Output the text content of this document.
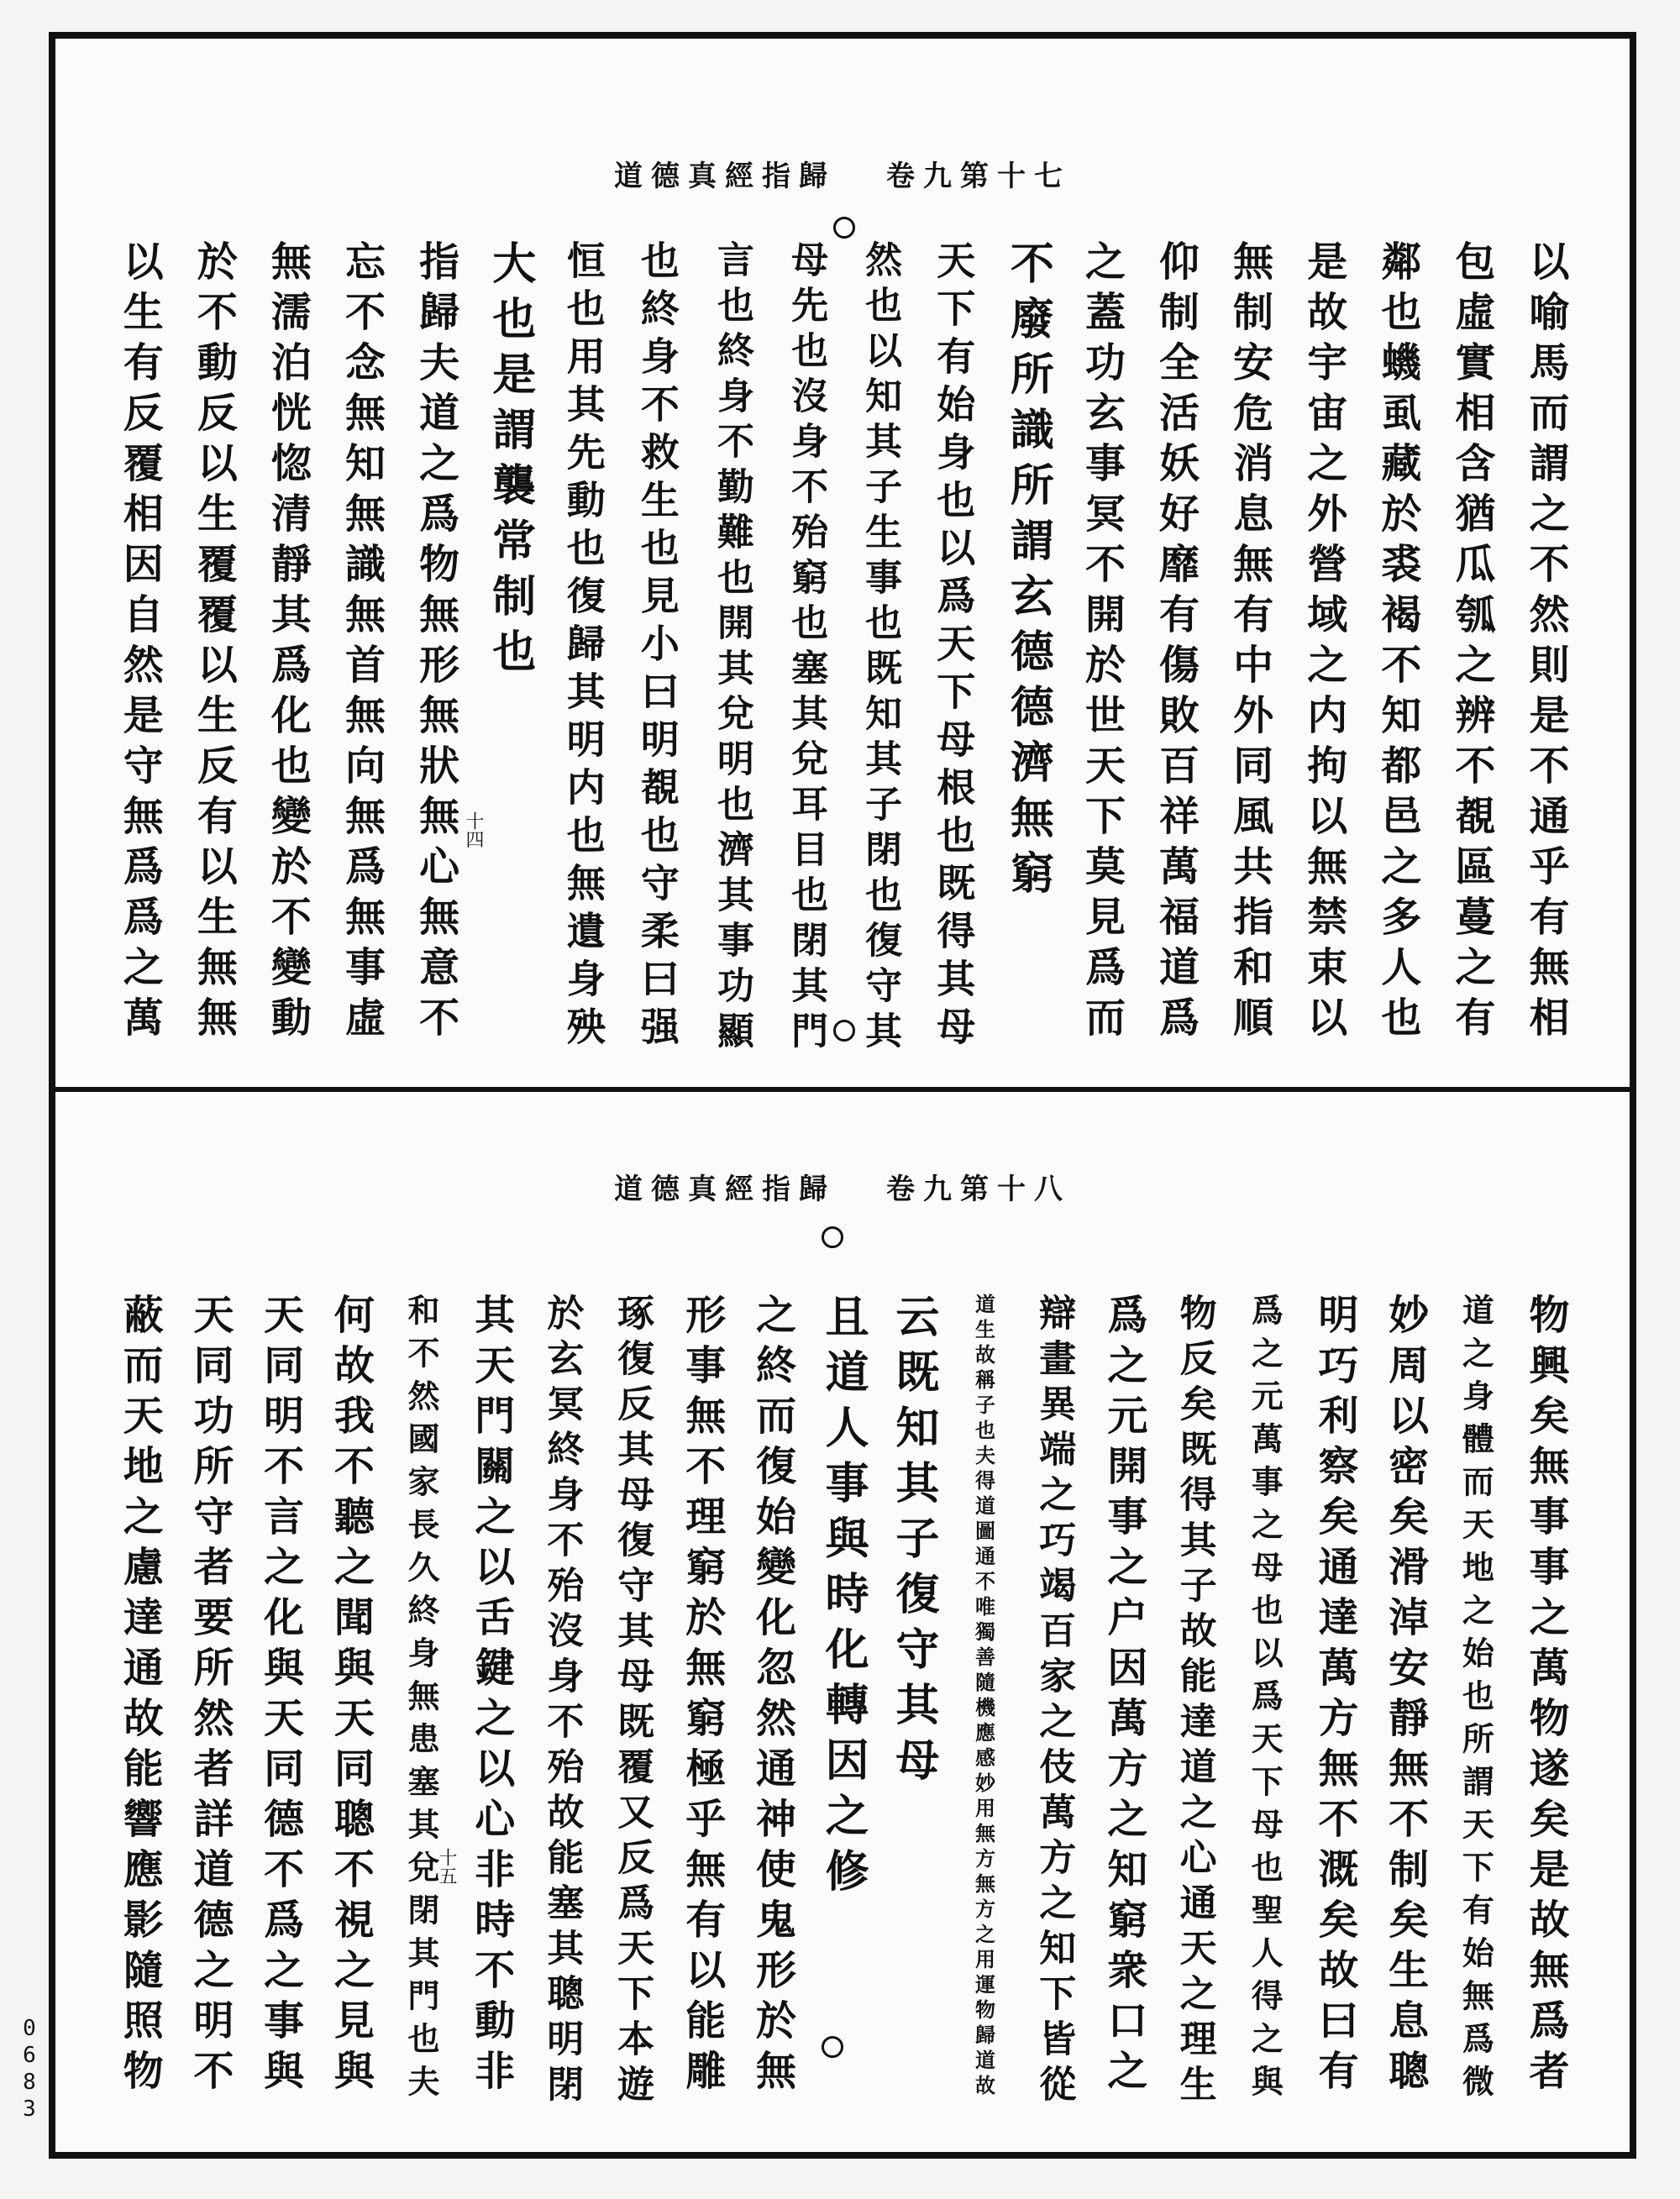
道德真經指歸 卷九第十七
十四	以喻馬而謂之不然則是不通乎有無相
包虛實相含猶瓜瓠之辨不覩區蔓之有
鄰也蟣虱藏於裘褐不知都邑之多人也
是故宇宙之外營域之内拘以無禁束以
無制安危消息無有中外同風共指和順
仰制全活妖好靡有傷敗百祥萬福道爲
之蓋功玄事冥不開於世天下莫見爲而
不廢所識所謂玄德德濟無窮
天下有始身也以爲天下母根也既得其母
然也以知其子生事也既知其子閉也復守其
母先也沒身不殆窮也塞其兌耳目也閉其門
言也終身不勤難也開其兌明也濟其事功顯
也終身不救生也見小曰明覩也守柔曰强
恒也用其先動也復歸其明内也無遺身殃
大也是謂襲常制也
指歸夫道之爲物無形無狀無心無意不
忘不念無知無識無首無向無爲無事虛
無濡泊恍惚清靜其爲化也變於不變動
於不動反以生覆覆以生反有以生無無
以生有反覆相因自然是守無爲爲之萬
道德真經指歸 卷九第十八
十五	物興矣無事事之萬物遂矣是故無爲者
道之身體而天地之始也所謂天下有始無爲微
妙周以密矣滑淖安靜無不制矣生息聰
明巧利察矣通達萬方無不溉矣故曰有
爲之元萬事之母也以爲天下母也聖人得之與
物反矣既得其子故能達道之心通天之理生
爲之元開事之户因萬方之知窮衆口之
辯畫異端之巧竭百家之伎萬方之知下皆從
道生故稱子也夫得道圖通不唯獨善隨機應感妙用無方無方之用運物歸道故
云既知其子復守其母
且道人事與時化轉因之修
之終而復始變化忽然通神使鬼形於無
形事無不理窮於無窮極乎無有以能雕
琢復反其母復守其母既覆又反爲天下本遊
於玄冥終身不殆沒身不殆故能塞其聰明閉
其天門關之以舌鍵之以心非時不動非
和不然國家長久終身無患塞其兌閉其門也夫
何故我不聽之聞與天同聰不視之見與
天同明不言之化與天同德不爲之事與
天同功所守者要所然者詳道德之明不
蔽而天地之慮達通故能響應影隨照物
0683
